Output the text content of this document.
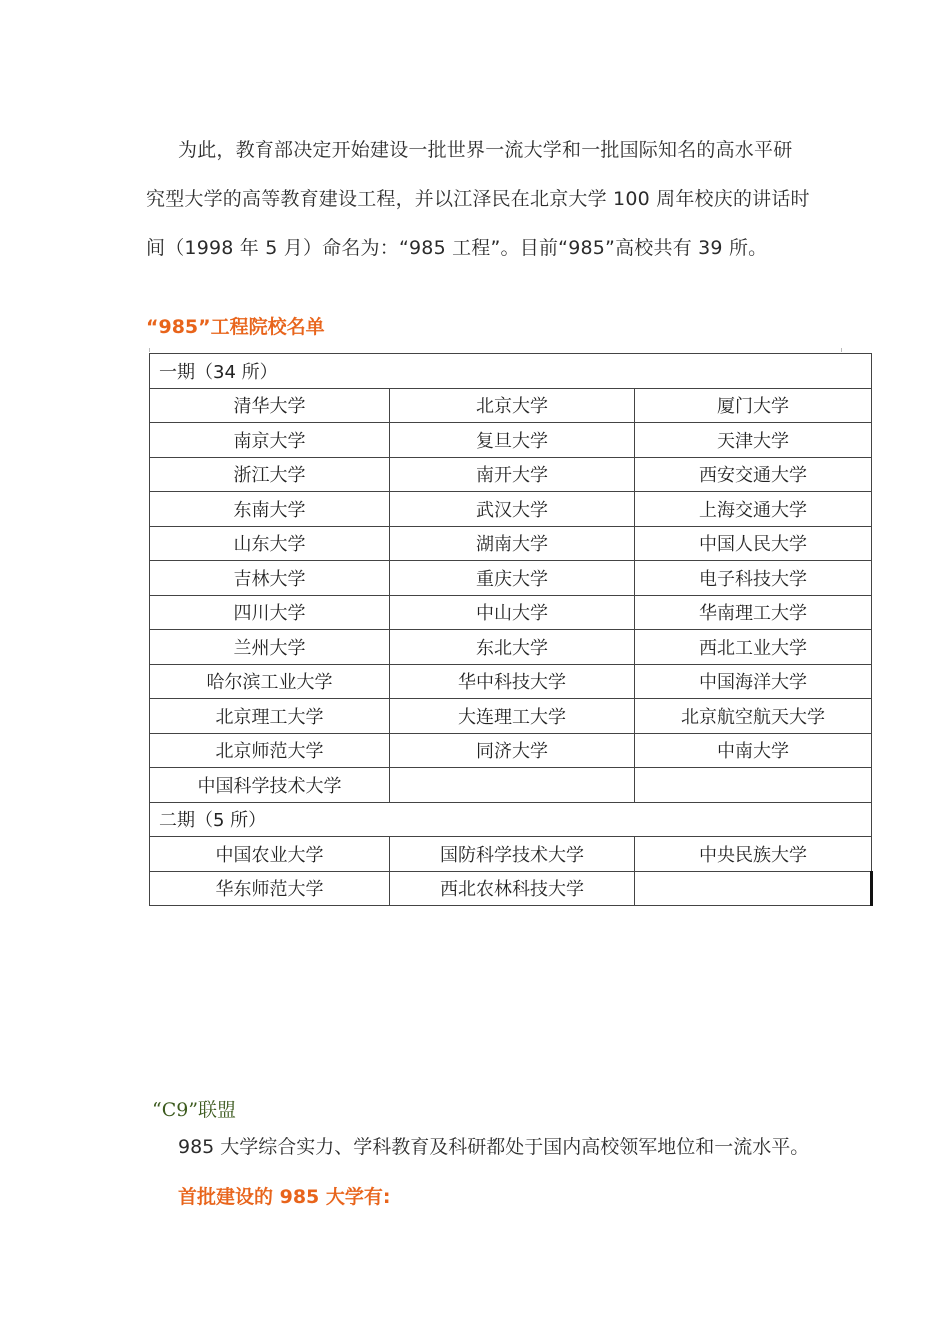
为此，教育部决定开始建设一批世界一流大学和一批国际知名的高水平研

究型大学的高等教育建设工程，并以江泽民在北京大学 100 周年校庆的讲话时

间（1998 年 5 月）命名为：“985 工程”。目前“985”高校共有 39 所。

“985”工程院校名单
一期（34 所）		
清华大学	北京大学	厦门大学
南京大学	复旦大学	天津大学
浙江大学	南开大学	西安交通大学
东南大学	武汉大学	上海交通大学
山东大学	湖南大学	中国人民大学
吉林大学	重庆大学	电子科技大学
四川大学	中山大学	华南理工大学
兰州大学	东北大学	西北工业大学
哈尔滨工业大学	华中科技大学	中国海洋大学
北京理工大学	大连理工大学	北京航空航天大学
北京师范大学	同济大学	中南大学
中国科学技术大学		
二期（5 所）		
中国农业大学	国防科学技术大学	中央民族大学
华东师范大学	西北农林科技大学	
“C9”联盟
985 大学综合实力、学科教育及科研都处于国内高校领军地位和一流水平。
首批建设的 985 大学有:
